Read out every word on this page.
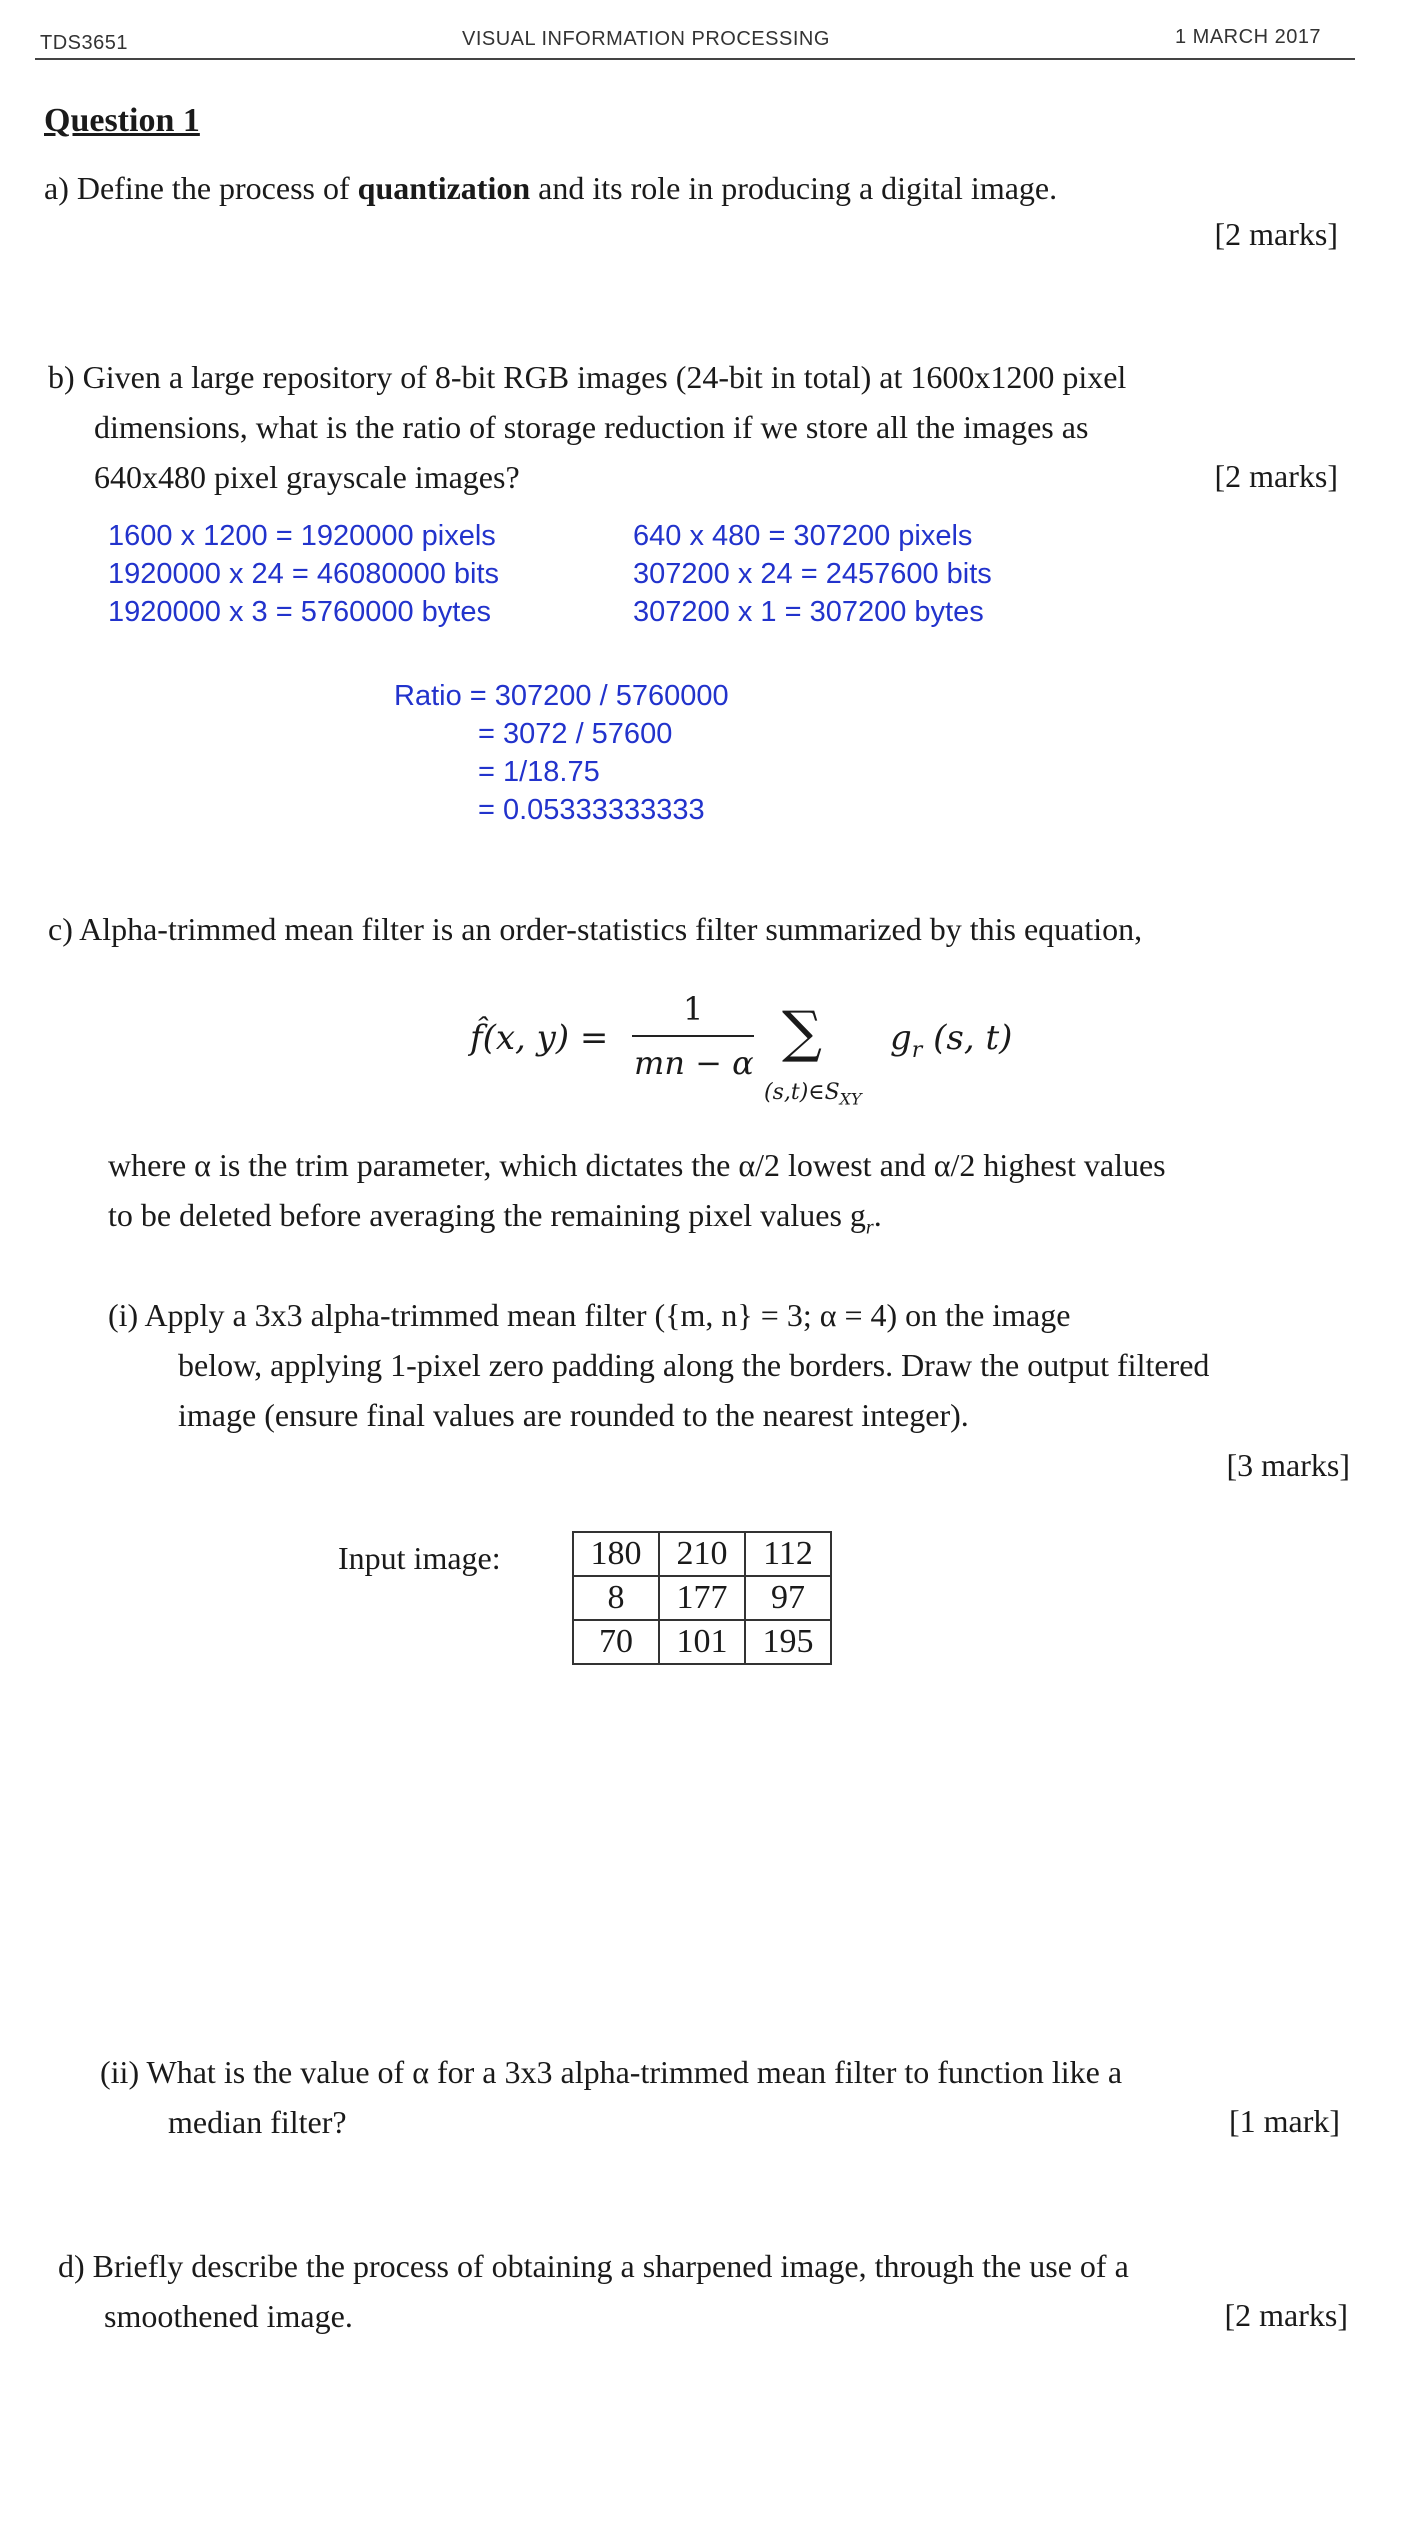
TDS3651	VISUAL INFORMATION PROCESSING	1 MARCH 2017
Question 1
a) Define the process of quantization and its role in producing a digital image.
[2 marks]
b) Given a large repository of 8-bit RGB images (24-bit in total) at 1600x1200 pixel
dimensions, what is the ratio of storage reduction if we store all the images as
640x480 pixel grayscale images?	[2 marks]
1600 x 1200 = 1920000 pixels
1920000 x 24 = 46080000 bits
1920000 x 3 = 5760000 bytes
640 x 480 = 307200 pixels
307200 x 24 = 2457600 bits
307200 x 1 = 307200 bytes
Ratio = 307200 / 5760000
= 3072 / 57600
= 1/18.75
= 0.05333333333
c) Alpha-trimmed mean filter is an order-statistics filter summarized by this equation,
f̂(x, y) =
1
mn − α ∑
$(s,t)\in S_{XY}$
$g_r$ (s, t)
where α is the trim parameter, which dictates the α/2 lowest and α/2 highest values
to be deleted before averaging the remaining pixel values $g_r$.
(i) Apply a 3x3 alpha-trimmed mean filter ({m, n} = 3; α = 4) on the image
below, applying 1-pixel zero padding along the borders. Draw the output filtered
image (ensure final values are rounded to the nearest integer).
[3 marks]
Input image:	180	210	112
8	177	97
70	101	195
(ii) What is the value of α for a 3x3 alpha-trimmed mean filter to function like a
median filter?	[1 mark]
d) Briefly describe the process of obtaining a sharpened image, through the use of a
smoothened image.	[2 marks]
